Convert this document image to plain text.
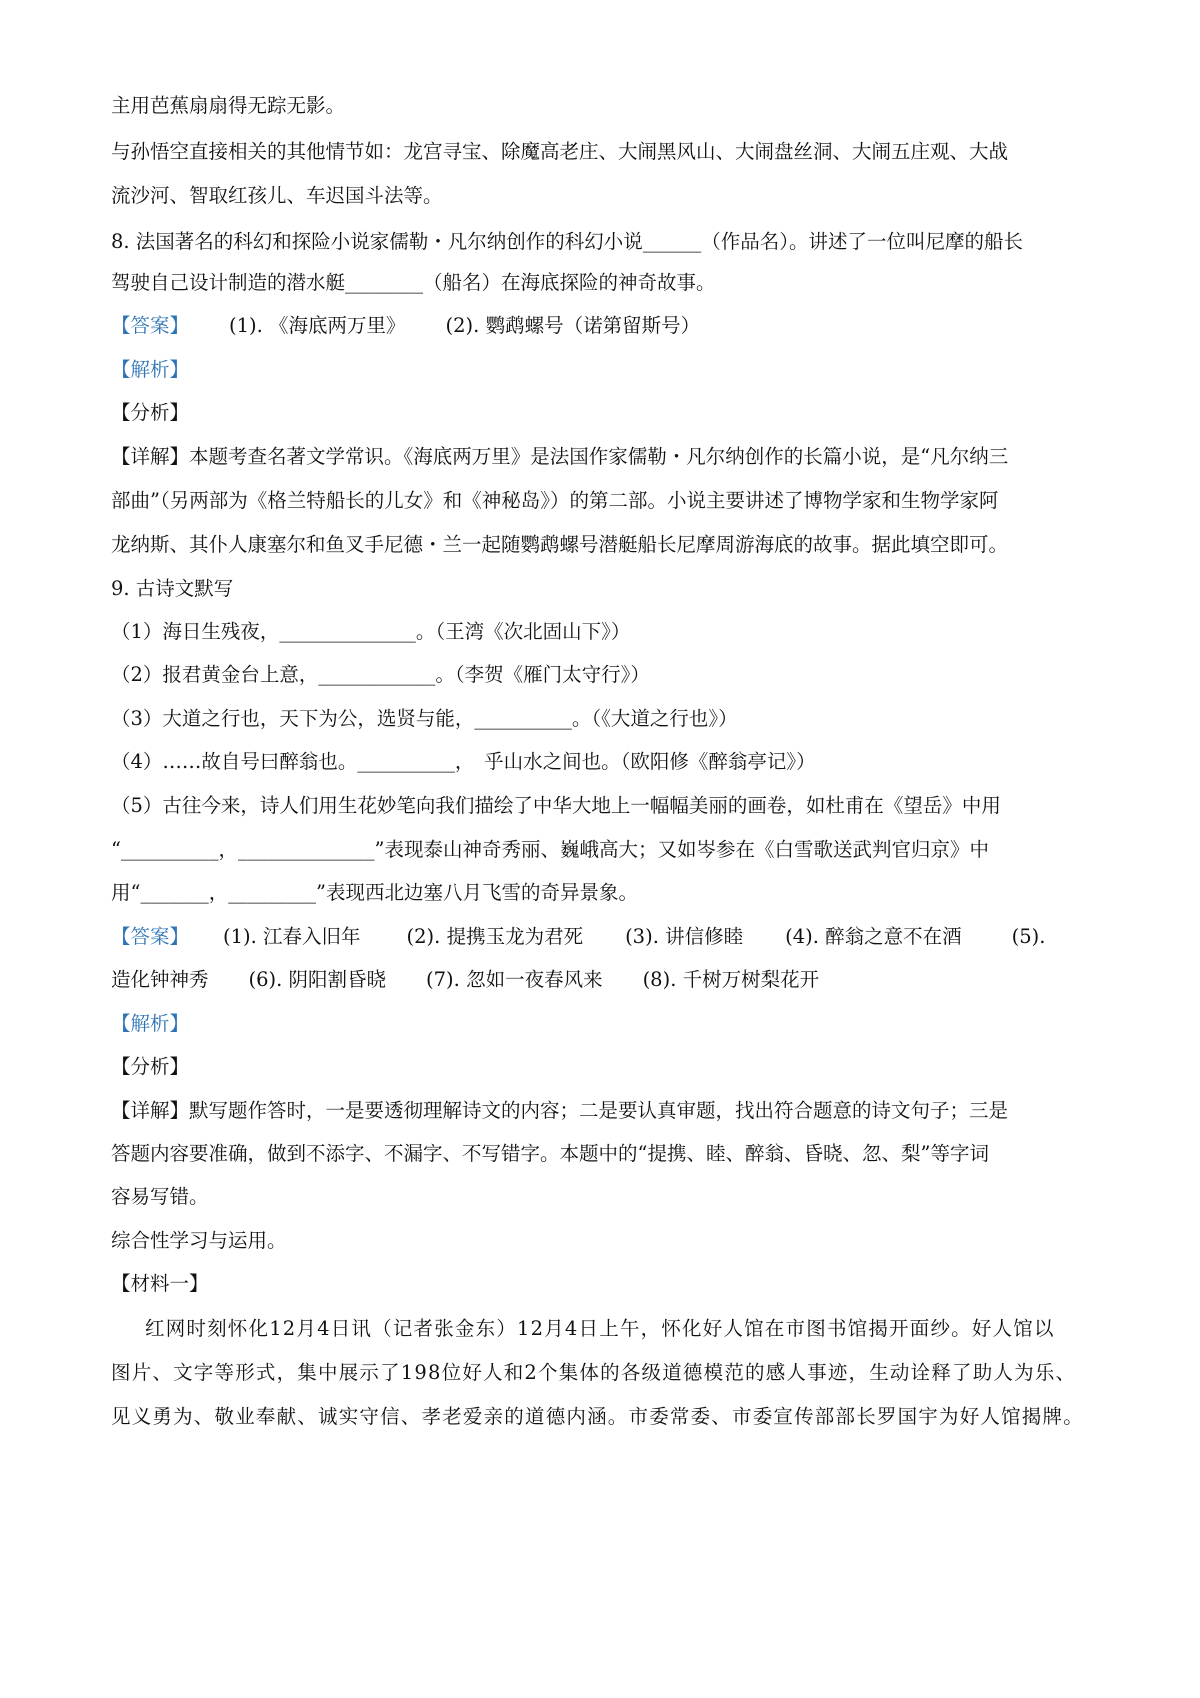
主用芭蕉扇扇得无踪无影。
与孙悟空直接相关的其他情节如：龙宫寻宝、除魔高老庄、大闹黑风山、大闹盘丝洞、大闹五庄观、大战
流沙河、智取红孩儿、车迟国斗法等。
8. 法国著名的科幻和探险小说家儒勒・凡尔纳创作的科幻小说______（作品名）。讲述了一位叫尼摩的船长
驾驶自己设计制造的潜水艇________（船名）在海底探险的神奇故事。
【答案】 (1). 《海底两万里》 (2). 鹦鹉螺号（诺第留斯号）
【解析】
【分析】
【详解】本题考查名著文学常识。《海底两万里》是法国作家儒勒・凡尔纳创作的长篇小说，是“凡尔纳三
部曲”（另两部为《格兰特船长的儿女》和《神秘岛》）的第二部。小说主要讲述了博物学家和生物学家阿
龙纳斯、其仆人康塞尔和鱼叉手尼德・兰一起随鹦鹉螺号潜艇船长尼摩周游海底的故事。据此填空即可。
9. 古诗文默写
（1）海日生残夜，______________。（王湾《次北固山下》）
（2）报君黄金台上意，____________。（李贺《雁门太守行》）
（3）大道之行也，天下为公，选贤与能，__________。（《大道之行也》）
（4）……故自号曰醉翁也。__________，　乎山水之间也。（欧阳修《醉翁亭记》）
（5）古往今来，诗人们用生花妙笔向我们描绘了中华大地上一幅幅美丽的画卷，如杜甫在《望岳》中用
“__________，______________”表现泰山神奇秀丽、巍峨高大；又如岑参在《白雪歌送武判官归京》中
用“_______，_________”表现西北边塞八月飞雪的奇异景象。
【答案】 (1). 江春入旧年 (2). 提携玉龙为君死 (3). 讲信修睦 (4). 醉翁之意不在酒	(5).
造化钟神秀 (6). 阴阳割昏晓 (7). 忽如一夜春风来 (8). 千树万树梨花开
【解析】
【分析】
【详解】默写题作答时，一是要透彻理解诗文的内容；二是要认真审题，找出符合题意的诗文句子；三是
答题内容要准确，做到不添字、不漏字、不写错字。本题中的“提携、睦、醉翁、昏晓、忽、梨”等字词
容易写错。
综合性学习与运用。
【材料一】
红网时刻怀化12月4日讯（记者张金东）12月4日上午，怀化好人馆在市图书馆揭开面纱。好人馆以
图片、文字等形式，集中展示了198位好人和2个集体的各级道德模范的感人事迹，生动诠释了助人为乐、
见义勇为、敬业奉献、诚实守信、孝老爱亲的道德内涵。市委常委、市委宣传部部长罗国宇为好人馆揭牌。
